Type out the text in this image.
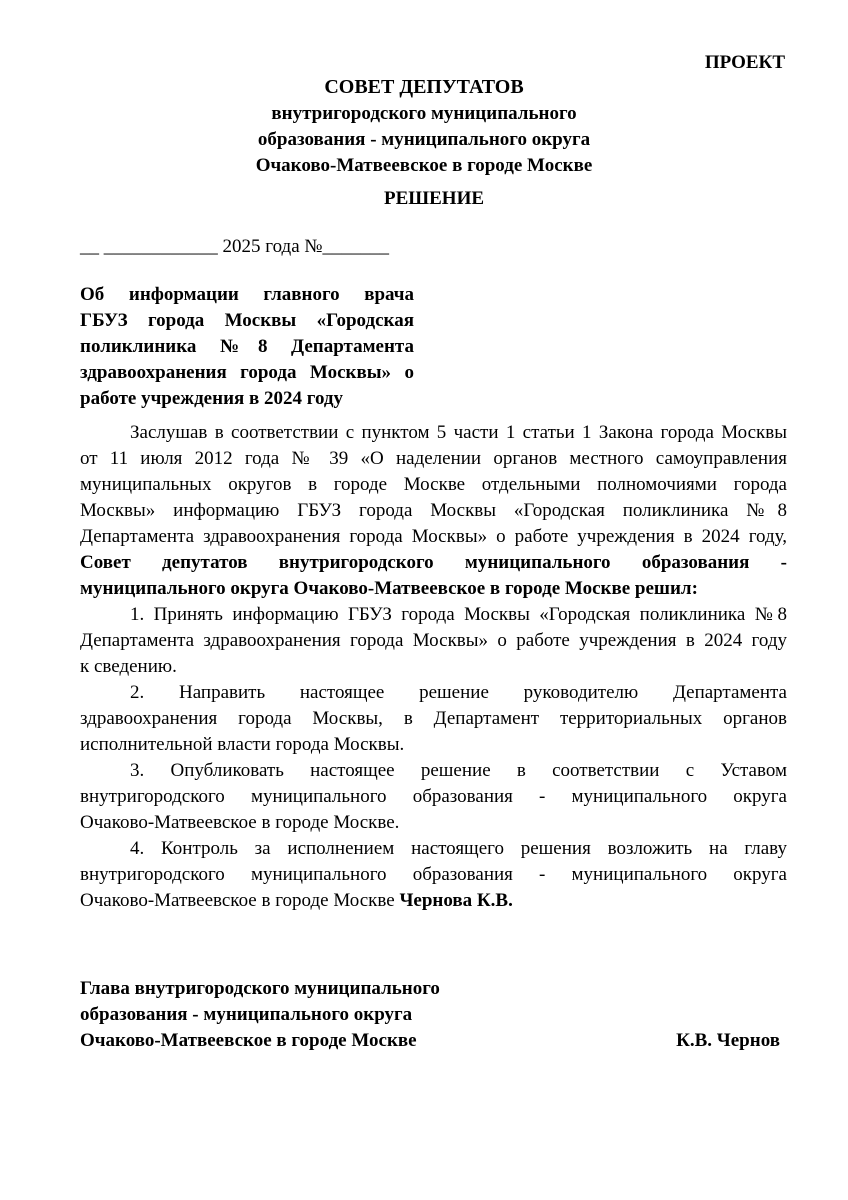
ПРОЕКТ
СОВЕТ ДЕПУТАТОВ
внутригородского муниципального
образования - муниципального округа
Очаково-Матвеевское в городе Москве
РЕШЕНИЕ
__ ____________ 2025 года №_______
Об информации главного врача
ГБУЗ города Москвы «Городская
поликлиника №8 Департамента
здравоохранения города Москвы» о
работе учреждения в 2024 году
Заслушав в соответствии с пунктом 5 части 1 статьи 1 Закона города Москвы
от 11 июля 2012 года № 39 «О наделении органов местного самоуправления
муниципальных округов в городе Москве отдельными полномочиями города
Москвы» информацию ГБУЗ города Москвы «Городская поликлиника №8
Департамента здравоохранения города Москвы» о работе учреждения в 2024 году,
Совет депутатов внутригородского муниципального образования -
муниципального округа Очаково-Матвеевское в городе Москве решил:
1. Принять информацию ГБУЗ города Москвы «Городская поликлиника №8
Департамента здравоохранения города Москвы» о работе учреждения в 2024 году
к сведению.
2. Направить настоящее решение руководителю Департамента
здравоохранения города Москвы, в Департамент территориальных органов
исполнительной власти города Москвы.
3. Опубликовать настоящее решение в соответствии с Уставом
внутригородского муниципального образования - муниципального округа
Очаково-Матвеевское в городе Москве.
4. Контроль за исполнением настоящего решения возложить на главу
внутригородского муниципального образования - муниципального округа
Очаково-Матвеевское в городе Москве Чернова К.В.
Глава внутригородского муниципального
образования - муниципального округа
Очаково-Матвеевское в городе Москве	К.В. Чернов
